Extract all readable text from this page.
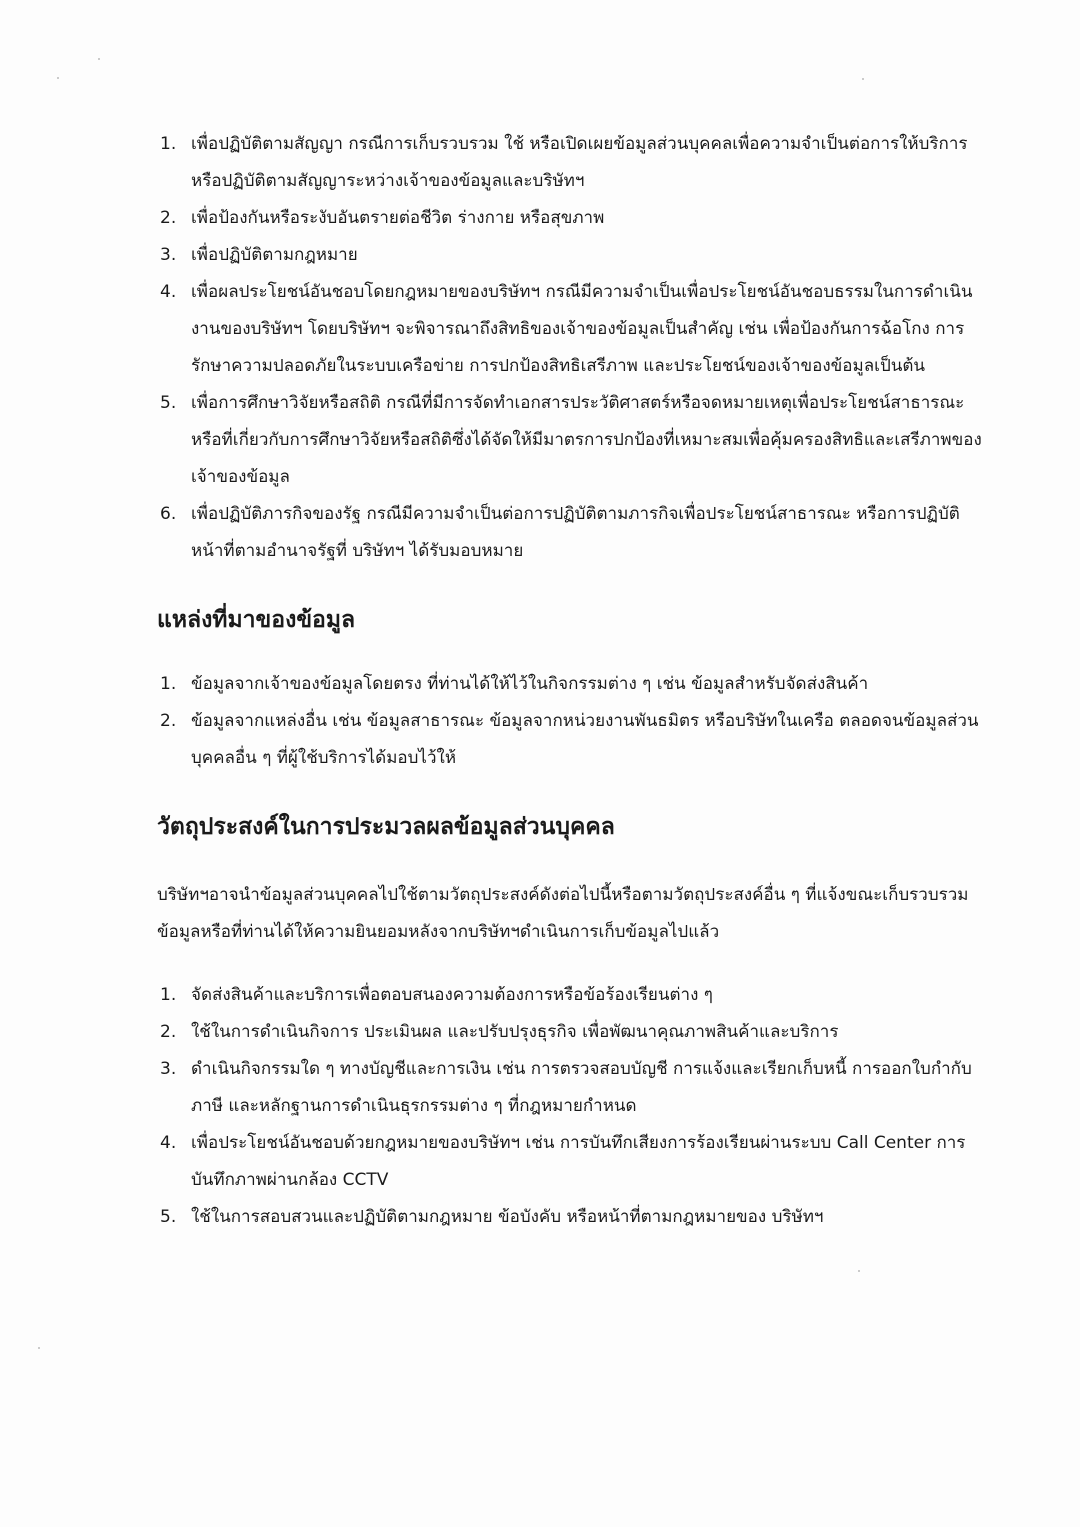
1. เพื่อปฏิบัติตามสัญญา กรณีการเก็บรวบรวม ใช้ หรือเปิดเผยข้อมูลส่วนบุคคลเพื่อความจำเป็นต่อการให้บริการหรือปฏิบัติตามสัญญาระหว่างเจ้าของข้อมูลและบริษัทฯ
2. เพื่อป้องกันหรือระงับอันตรายต่อชีวิต ร่างกาย หรือสุขภาพ
3. เพื่อปฏิบัติตามกฎหมาย
4. เพื่อผลประโยชน์อันชอบโดยกฎหมายของบริษัทฯ กรณีมีความจำเป็นเพื่อประโยชน์อันชอบธรรมในการดำเนินงานของบริษัทฯ โดยบริษัทฯ จะพิจารณาถึงสิทธิของเจ้าของข้อมูลเป็นสำคัญ เช่น เพื่อป้องกันการฉ้อโกง การรักษาความปลอดภัยในระบบเครือข่าย การปกป้องสิทธิเสรีภาพ และประโยชน์ของเจ้าของข้อมูลเป็นต้น
5. เพื่อการศึกษาวิจัยหรือสถิติ กรณีที่มีการจัดทำเอกสารประวัติศาสตร์หรือจดหมายเหตุเพื่อประโยชน์สาธารณะหรือที่เกี่ยวกับการศึกษาวิจัยหรือสถิติซึ่งได้จัดให้มีมาตรการปกป้องที่เหมาะสมเพื่อคุ้มครองสิทธิและเสรีภาพของเจ้าของข้อมูล
6. เพื่อปฏิบัติภารกิจของรัฐ กรณีมีความจำเป็นต่อการปฏิบัติตามภารกิจเพื่อประโยชน์สาธารณะ หรือการปฏิบัติหน้าที่ตามอำนาจรัฐที่ บริษัทฯ ได้รับมอบหมาย
แหล่งที่มาของข้อมูล
1. ข้อมูลจากเจ้าของข้อมูลโดยตรง ที่ท่านได้ให้ไว้ในกิจกรรมต่าง ๆ เช่น ข้อมูลสำหรับจัดส่งสินค้า
2. ข้อมูลจากแหล่งอื่น เช่น ข้อมูลสาธารณะ ข้อมูลจากหน่วยงานพันธมิตร หรือบริษัทในเครือ ตลอดจนข้อมูลส่วนบุคคลอื่น ๆ ที่ผู้ใช้บริการได้มอบไว้ให้
วัตถุประสงค์ในการประมวลผลข้อมูลส่วนบุคคล

บริษัทฯอาจนำข้อมูลส่วนบุคคลไปใช้ตามวัตถุประสงค์ดังต่อไปนี้หรือตามวัตถุประสงค์อื่น ๆ ที่แจ้งขณะเก็บรวบรวมข้อมูลหรือที่ท่านได้ให้ความยินยอมหลังจากบริษัทฯดำเนินการเก็บข้อมูลไปแล้ว

1. จัดส่งสินค้าและบริการเพื่อตอบสนองความต้องการหรือข้อร้องเรียนต่าง ๆ
2. ใช้ในการดำเนินกิจการ ประเมินผล และปรับปรุงธุรกิจ เพื่อพัฒนาคุณภาพสินค้าและบริการ
3. ดำเนินกิจกรรมใด ๆ ทางบัญชีและการเงิน เช่น การตรวจสอบบัญชี การแจ้งและเรียกเก็บหนี้ การออกใบกำกับภาษี และหลักฐานการดำเนินธุรกรรมต่าง ๆ ที่กฎหมายกำหนด
4. เพื่อประโยชน์อันชอบด้วยกฎหมายของบริษัทฯ เช่น การบันทึกเสียงการร้องเรียนผ่านระบบ Call Center การบันทึกภาพผ่านกล้อง CCTV
5. ใช้ในการสอบสวนและปฏิบัติตามกฎหมาย ข้อบังคับ หรือหน้าที่ตามกฎหมายของ บริษัทฯ
